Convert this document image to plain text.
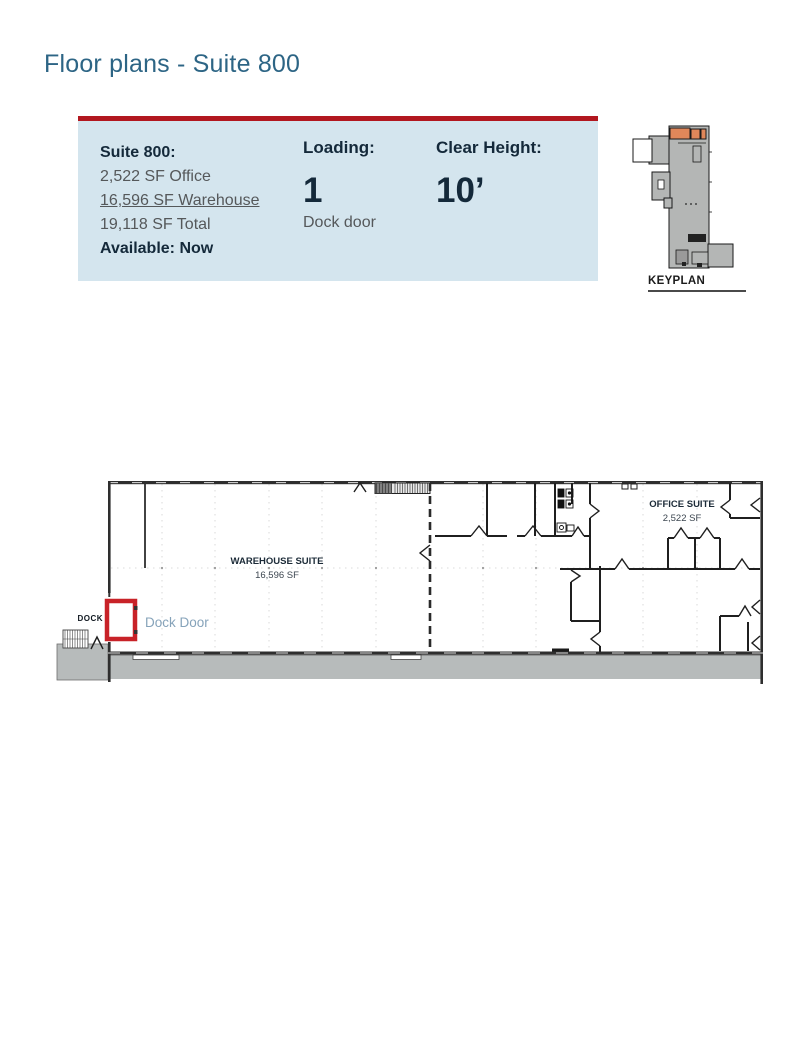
Floor plans - Suite 800
Suite 800:
2,522 SF Office
16,596 SF Warehouse
19,118 SF Total
Available: Now
Loading:
1
Dock door
Clear Height:
10’
KEYPLAN
DOCK	Dock Door
WAREHOUSE SUITE
16,596 SF
OFFICE SUITE
2,522 SF
